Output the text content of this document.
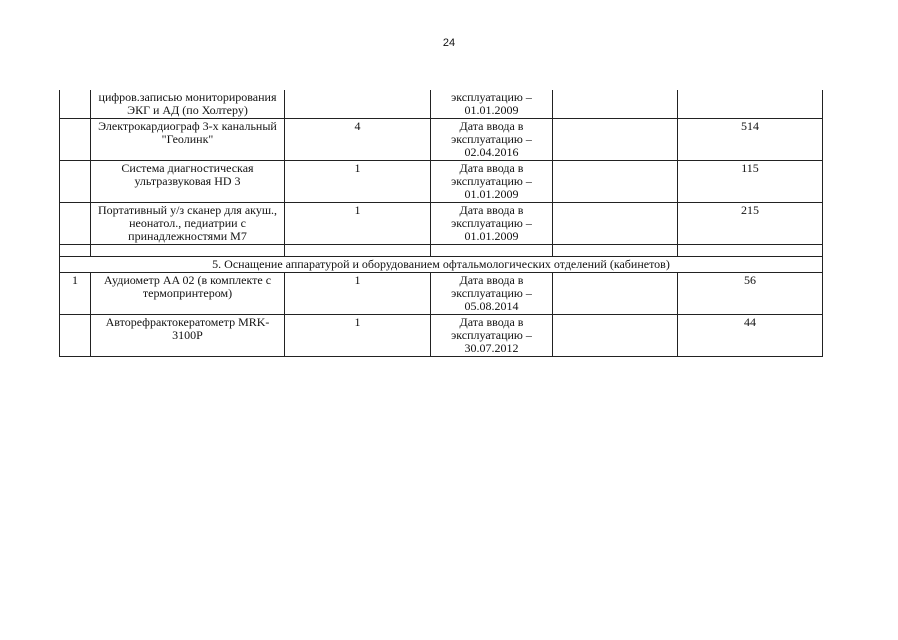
24
	цифров.записью мониторирования ЭКГ и АД (по Холтеру)		эксплуатацию – 01.01.2009		
	Электрокардиограф 3-х канальный "Геолинк"	4	Дата ввода в эксплуатацию – 02.04.2016		514
	Система диагностическая ультразвуковая HD 3	1	Дата ввода в эксплуатацию – 01.01.2009		115
	Портативный у/з сканер для акуш., неонатол., педиатрии с принадлежностями M7	1	Дата ввода в эксплуатацию – 01.01.2009		215

5. Оснащение аппаратурой и оборудованием офтальмологических отделений (кабинетов)					
1	Аудиометр AA 02 (в комплекте с термопринтером)	1	Дата ввода в эксплуатацию – 05.08.2014		56
	Авторефрактокератометр MRK-3100P	1	Дата ввода в эксплуатацию – 30.07.2012		44
